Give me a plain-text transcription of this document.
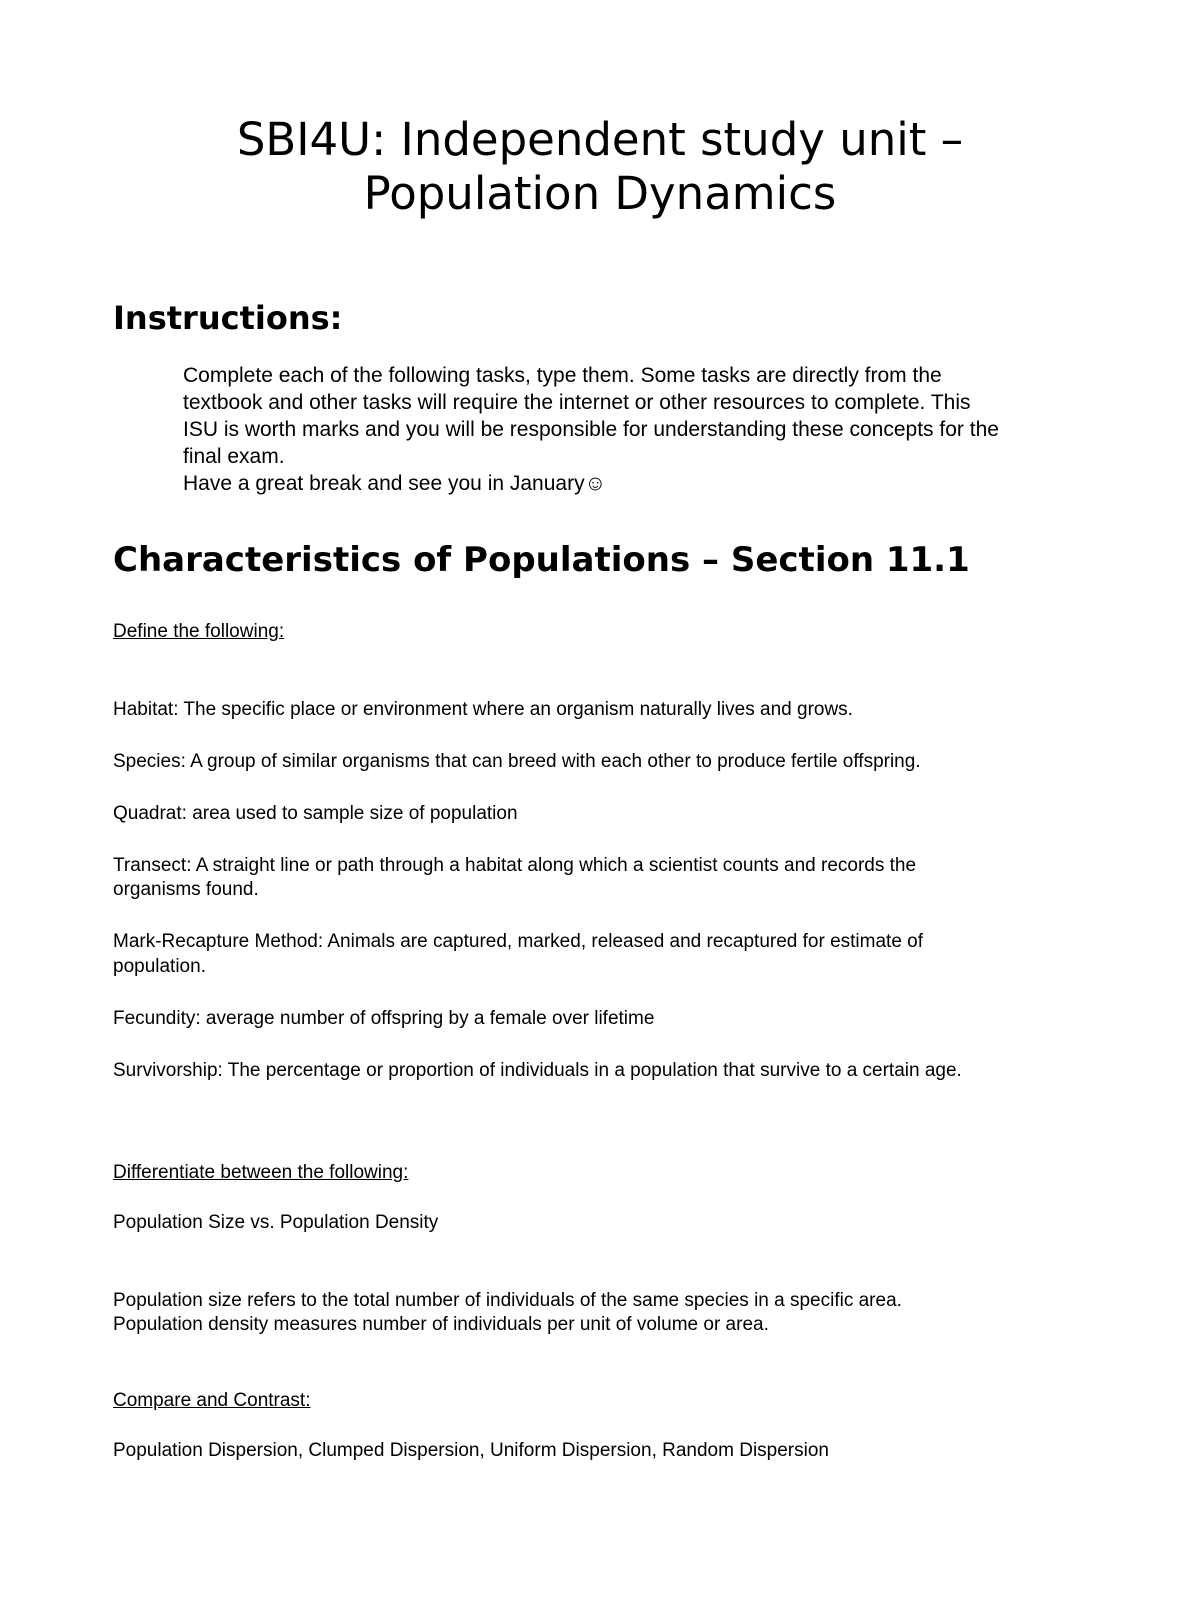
SBI4U: Independent study unit –
Population Dynamics
Instructions:

Complete each of the following tasks, type them. Some tasks are directly from the

textbook and other tasks will require the internet or other resources to complete. This

ISU is worth marks and you will be responsible for understanding these concepts for the

final exam.

Have a great break and see you in January☺

Characteristics of Populations – Section 11.1

Define the following:

Habitat: The specific place or environment where an organism naturally lives and grows.

Species: A group of similar organisms that can breed with each other to produce fertile offspring.

Quadrat: area used to sample size of population

Transect: A straight line or path through a habitat along which a scientist counts and records the

organisms found.

Mark-Recapture Method: Animals are captured, marked, released and recaptured for estimate of

population.

Fecundity: average number of offspring by a female over lifetime

Survivorship: The percentage or proportion of individuals in a population that survive to a certain age.

Differentiate between the following:

Population Size vs. Population Density

Population size refers to the total number of individuals of the same species in a specific area.

Population density measures number of individuals per unit of volume or area.

Compare and Contrast:

Population Dispersion, Clumped Dispersion, Uniform Dispersion, Random Dispersion
